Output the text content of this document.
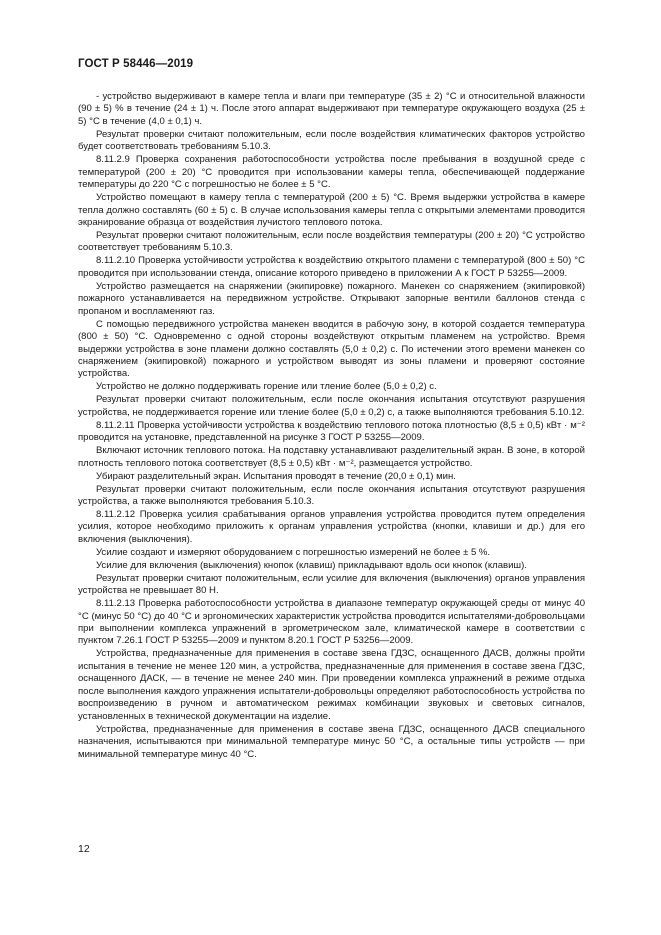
ГОСТ Р 58446—2019

- устройство выдерживают в камере тепла и влаги при температуре (35 ± 2) °С и относительной влажности (90 ± 5) % в течение (24 ± 1) ч. После этого аппарат выдерживают при температуре окружающего воздуха (25 ± 5) °С в течение (4,0 ± 0,1) ч.

Результат проверки считают положительным, если после воздействия климатических факторов устройство будет соответствовать требованиям 5.10.3.

8.11.2.9 Проверка сохранения работоспособности устройства после пребывания в воздушной среде с температурой (200 ± 20) °С проводится при использовании камеры тепла, обеспечивающей поддержание температуры до 220 °С с погрешностью не более ± 5 °С.

Устройство помещают в камеру тепла с температурой (200 ± 5) °С. Время выдержки устройства в камере тепла должно составлять (60 ± 5) с. В случае использования камеры тепла с открытыми элементами проводится экранирование образца от воздействия лучистого теплового потока.

Результат проверки считают положительным, если после воздействия температуры (200 ± 20) °С устройство соответствует требованиям 5.10.3.

8.11.2.10 Проверка устойчивости устройства к воздействию открытого пламени с температурой (800 ± 50) °С проводится при использовании стенда, описание которого приведено в приложении А к ГОСТ Р 53255—2009.

Устройство размещается на снаряжении (экипировке) пожарного. Манекен со снаряжением (экипировкой) пожарного устанавливается на передвижном устройстве. Открывают запорные вентили баллонов стенда с пропаном и воспламеняют газ.

С помощью передвижного устройства манекен вводится в рабочую зону, в которой создается температура (800 ± 50) °С. Одновременно с одной стороны воздействуют открытым пламенем на устройство. Время выдержки устройства в зоне пламени должно составлять (5,0 ± 0,2) с. По истечении этого времени манекен со снаряжением (экипировкой) пожарного и устройством выводят из зоны пламени и проверяют состояние устройства.

Устройство не должно поддерживать горение или тление более (5,0 ± 0,2) с.

Результат проверки считают положительным, если после окончания испытания отсутствуют разрушения устройства, не поддерживается горение или тление более (5,0 ± 0,2) с, а также выполняются требования 5.10.12.

8.11.2.11 Проверка устойчивости устройства к воздействию теплового потока плотностью (8,5 ± 0,5) кВт · м⁻² проводится на установке, представленной на рисунке 3 ГОСТ Р 53255—2009.

Включают источник теплового потока. На подставку устанавливают разделительный экран. В зоне, в которой плотность теплового потока соответствует (8,5 ± 0,5) кВт · м⁻², размещается устройство.

Убирают разделительный экран. Испытания проводят в течение (20,0 ± 0,1) мин.

Результат проверки считают положительным, если после окончания испытания отсутствуют разрушения устройства, а также выполняются требования 5.10.3.

8.11.2.12 Проверка усилия срабатывания органов управления устройства проводится путем определения усилия, которое необходимо приложить к органам управления устройства (кнопки, клавиши и др.) для его включения (выключения).

Усилие создают и измеряют оборудованием с погрешностью измерений не более ± 5 %.

Усилие для включения (выключения) кнопок (клавиш) прикладывают вдоль оси кнопок (клавиш).

Результат проверки считают положительным, если усилие для включения (выключения) органов управления устройства не превышает 80 Н.

8.11.2.13 Проверка работоспособности устройства в диапазоне температур окружающей среды от минус 40 °С (минус 50 °С) до 40 °С и эргономических характеристик устройства проводится испытателями-добровольцами при выполнении комплекса упражнений в эргометрическом зале, климатической камере в соответствии с пунктом 7.26.1 ГОСТ Р 53255—2009 и пунктом 8.20.1 ГОСТ Р 53256—2009.

Устройства, предназначенные для применения в составе звена ГДЗС, оснащенного ДАСВ, должны пройти испытания в течение не менее 120 мин, а устройства, предназначенные для применения в составе звена ГДЗС, оснащенного ДАСК, — в течение не менее 240 мин. При проведении комплекса упражнений в режиме отдыха после выполнения каждого упражнения испытатели-добровольцы определяют работоспособность устройства по воспроизведению в ручном и автоматическом режимах комбинации звуковых и световых сигналов, установленных в технической документации на изделие.

Устройства, предназначенные для применения в составе звена ГДЗС, оснащенного ДАСВ специального назначения, испытываются при минимальной температуре минус 50 °С, а остальные типы устройств — при минимальной температуре минус 40 °С.

12
